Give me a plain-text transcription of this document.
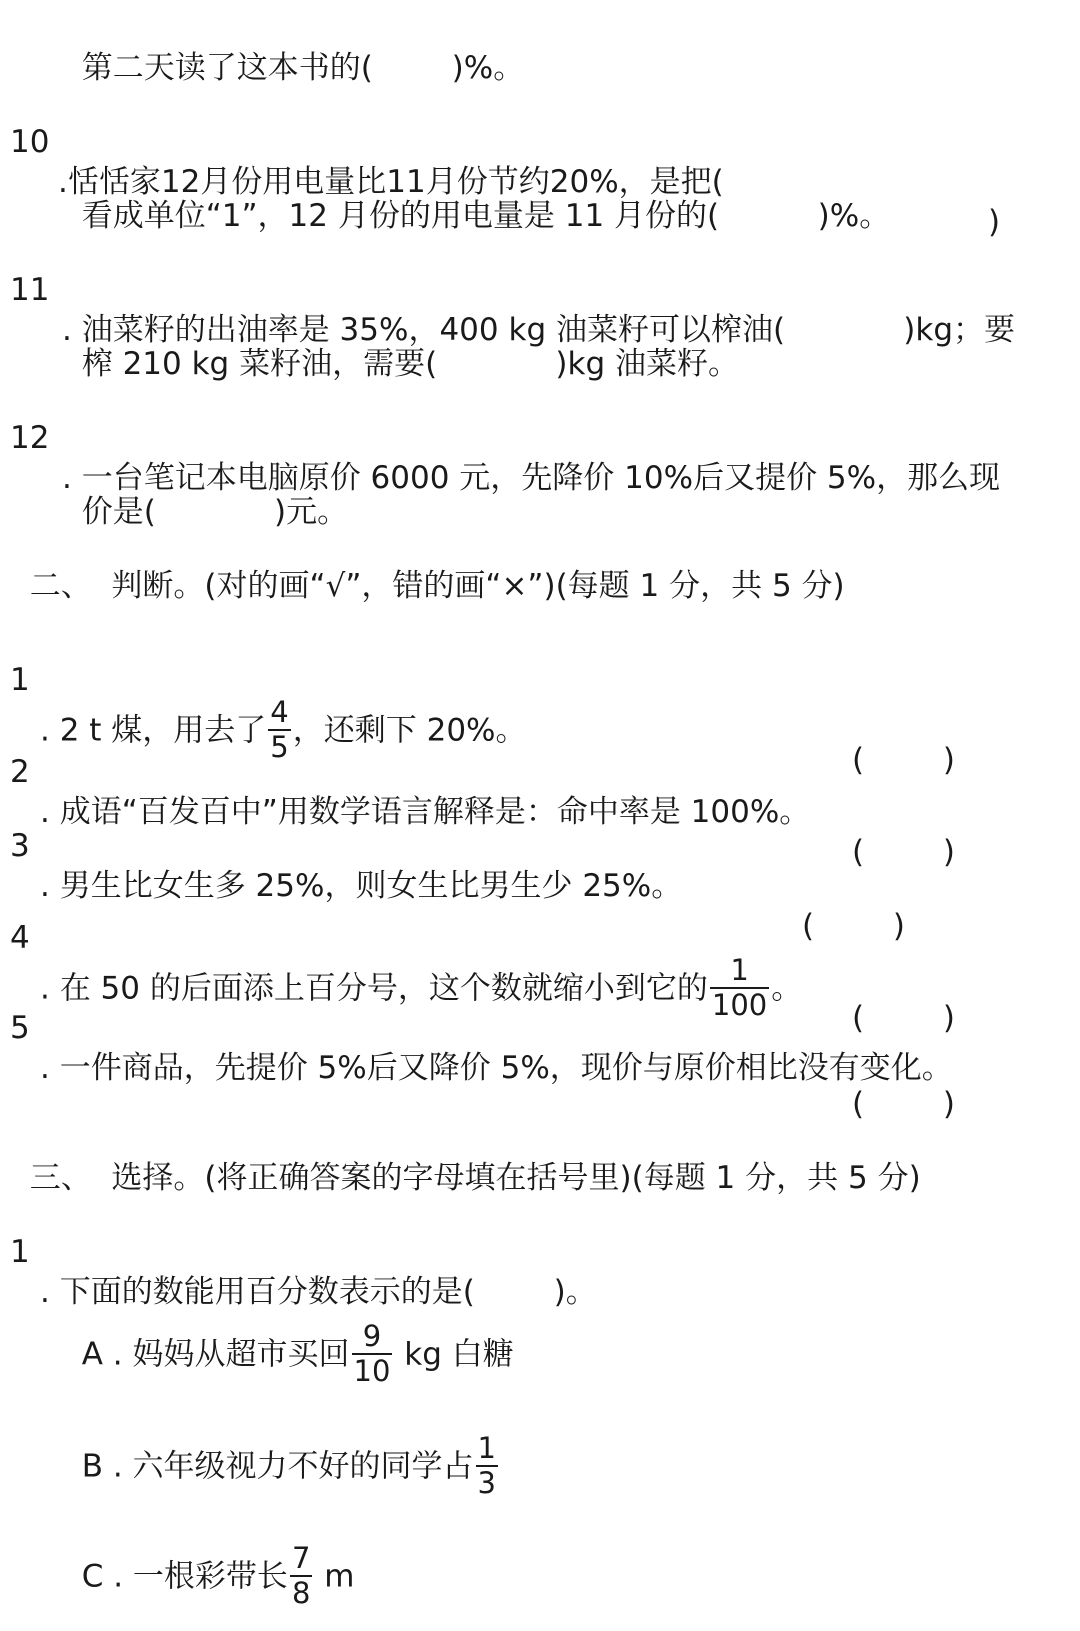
第二天读了这本书的(        )%。

10

.恬恬家12月份用电量比11月份节约20%，是把(

)

看成单位“1”，12 月份的用电量是 11 月份的(          )%。

11

. 油菜籽的出油率是 35%，400 kg 油菜籽可以榨油(            )kg；要

榨 210 kg 菜籽油，需要(            )kg 油菜籽。

12

. 一台笔记本电脑原价 6000 元，先降价 10%后又提价 5%，那么现

价是(            )元。

二、  判断。(对的画“√”，错的画“×”)(每题 1 分，共 5 分)

1

. 2 t 煤，用去了 $\frac{4}{5}$ ，还剩下 20%。

(        )

2

. 成语“百发百中”用数学语言解释是：命中率是 100%。

(        )

3

. 男生比女生多 25%，则女生比男生少 25%。

(        )

4

. 在 50 的后面添上百分号，这个数就缩小到它的 $\frac{1}{100}$ 。

(        )

5

. 一件商品，先提价 5%后又降价 5%，现价与原价相比没有变化。

(        )

三、  选择。(将正确答案的字母填在括号里)(每题 1 分，共 5 分)

1

. 下面的数能用百分数表示的是(        )。

A . 妈妈从超市买回 $\frac{9}{10}$ kg 白糖

B . 六年级视力不好的同学占 $\frac{1}{3}$

C . 一根彩带长 $\frac{7}{8}$ m
